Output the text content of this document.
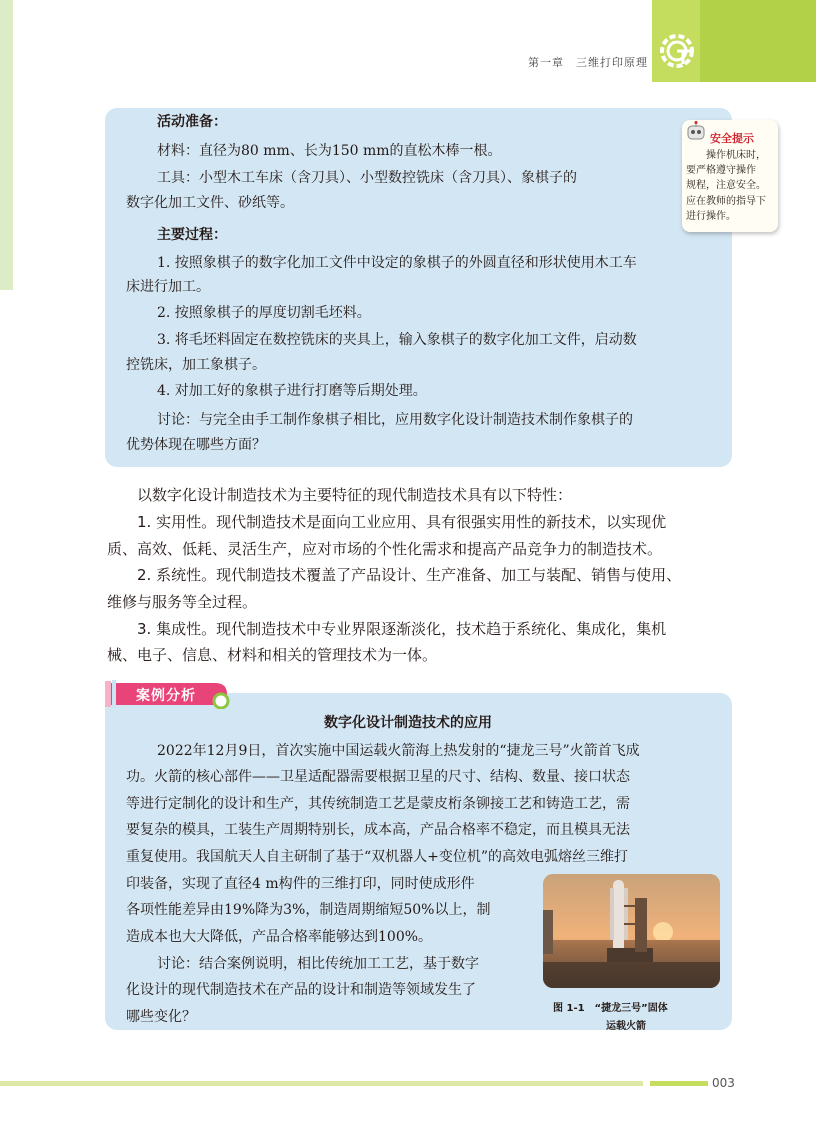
第一章　三维打印原理
活动准备：
材料：直径为80 mm、长为150 mm的直松木棒一根。
工具：小型木工车床（含刀具）、小型数控铣床（含刀具）、象棋子的
数字化加工文件、砂纸等。
主要过程：
1. 按照象棋子的数字化加工文件中设定的象棋子的外圆直径和形状使用木工车
床进行加工。
2. 按照象棋子的厚度切割毛坯料。
3. 将毛坯料固定在数控铣床的夹具上，输入象棋子的数字化加工文件，启动数
控铣床，加工象棋子。
4. 对加工好的象棋子进行打磨等后期处理。
讨论：与完全由手工制作象棋子相比，应用数字化设计制造技术制作象棋子的
优势体现在哪些方面？
安全提示
操作机床时，
要严格遵守操作
规程，注意安全。
应在教师的指导下
进行操作。
以数字化设计制造技术为主要特征的现代制造技术具有以下特性：
1. 实用性。现代制造技术是面向工业应用、具有很强实用性的新技术，以实现优
质、高效、低耗、灵活生产，应对市场的个性化需求和提高产品竞争力的制造技术。
2. 系统性。现代制造技术覆盖了产品设计、生产准备、加工与装配、销售与使用、
维修与服务等全过程。
3. 集成性。现代制造技术中专业界限逐渐淡化，技术趋于系统化、集成化，集机
械、电子、信息、材料和相关的管理技术为一体。
案例分析
数字化设计制造技术的应用
2022年12月9日，首次实施中国运载火箭海上热发射的“捷龙三号”火箭首飞成
功。火箭的核心部件——卫星适配器需要根据卫星的尺寸、结构、数量、接口状态
等进行定制化的设计和生产，其传统制造工艺是蒙皮桁条铆接工艺和铸造工艺，需
要复杂的模具，工装生产周期特别长，成本高，产品合格率不稳定，而且模具无法
重复使用。我国航天人自主研制了基于“双机器人+变位机”的高效电弧熔丝三维打
印装备，实现了直径4 m构件的三维打印，同时使成形件
各项性能差异由19%降为3%，制造周期缩短50%以上，制
造成本也大大降低，产品合格率能够达到100%。
讨论：结合案例说明，相比传统加工工艺，基于数字
化设计的现代制造技术在产品的设计和制造等领域发生了
哪些变化？
图 1-1　“捷龙三号”固体
运载火箭
003
